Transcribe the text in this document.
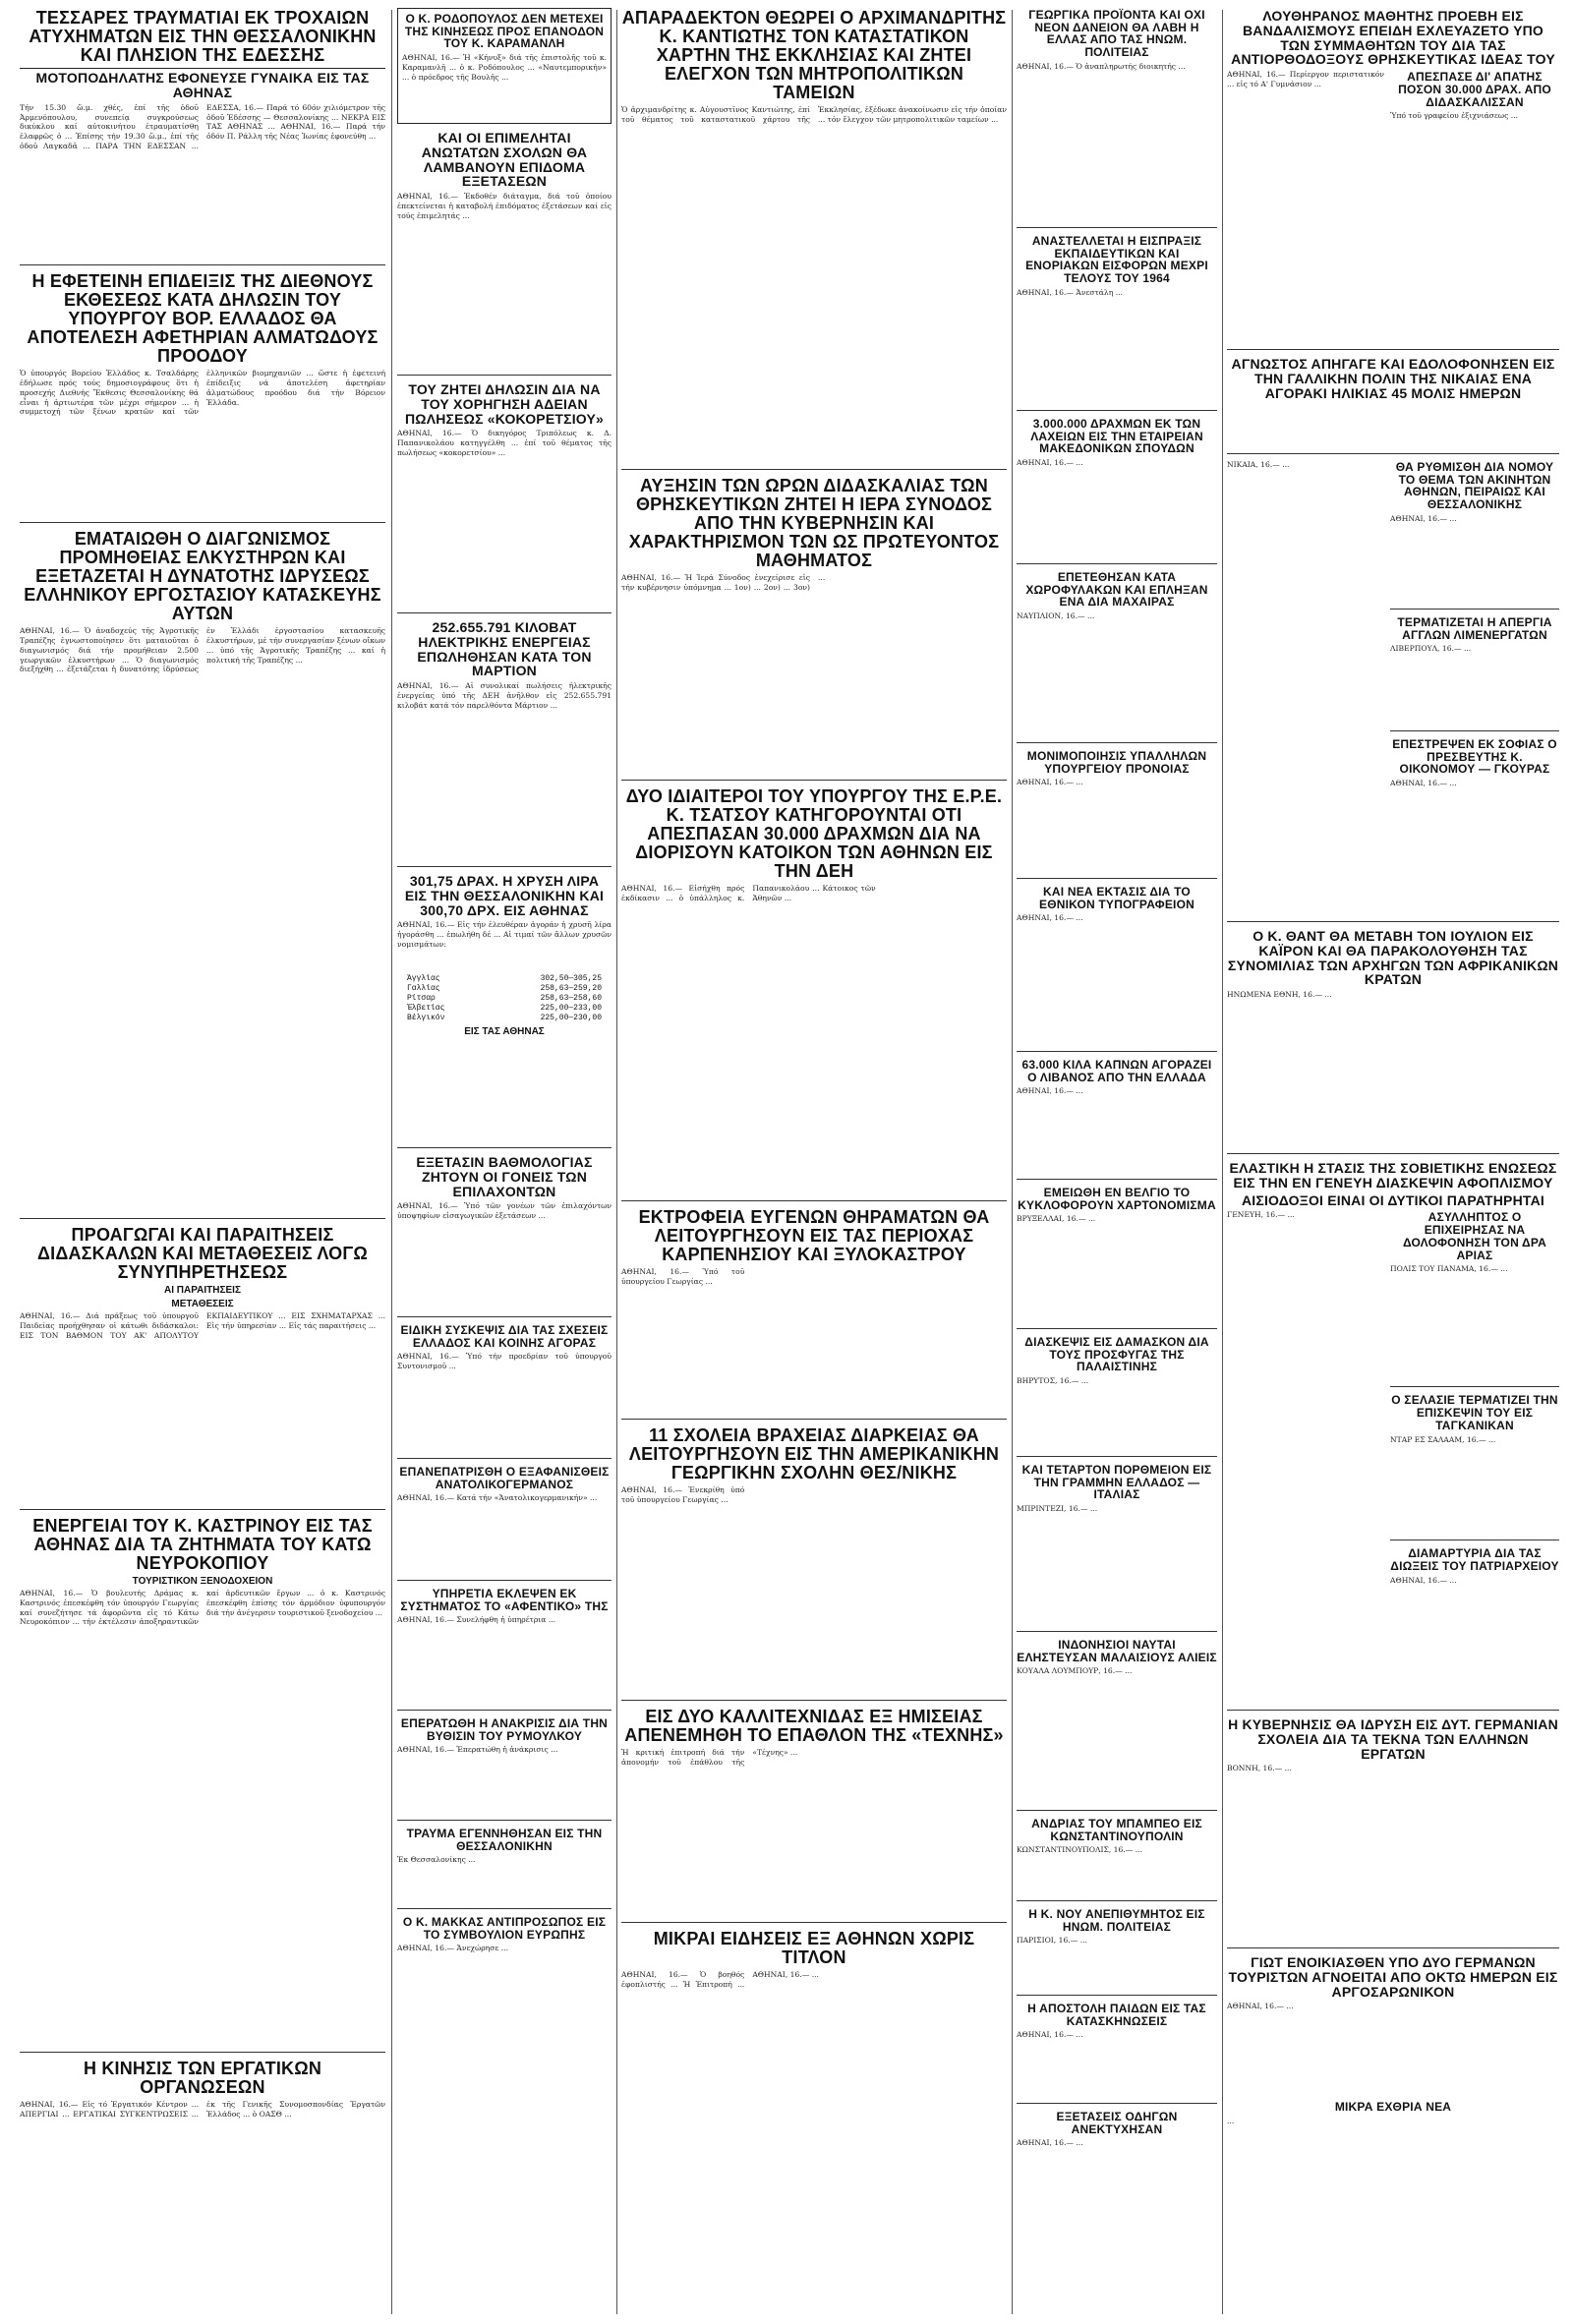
ΤΕΣΣΑΡΕΣ ΤΡΑΥΜΑΤΙΑΙ ΕΚ ΤΡΟΧΑΙΩΝ ΑΤΥΧΗΜΑΤΩΝ ΕΙΣ ΤΗΝ ΘΕΣΣΑΛΟΝΙΚΗΝ ΚΑΙ ΠΛΗΣΙΟΝ ΤΗΣ ΕΔΕΣΣΗΣ
ΜΟΤΟΠΟΔΗΛΑΤΗΣ ΕΦΟΝΕΥΣΕ ΓΥΝΑΙΚΑ ΕΙΣ ΤΑΣ ΑΘΗΝΑΣ
Τήν 15.30 ὥ.μ. χθές, ἐπί τῆς ὁδοῦ Ἀρμενόπουλου, συνεπείᾳ συγκρούσεως δικύκλου καί αὐτοκινήτου ἐτραυματίσθη ἐλαφρῶς ὁ ... Ἐπίσης τήν 19.30 ὥ.μ., ἐπί τῆς ὁδοῦ Λαγκαδᾶ ... ΠΑΡΑ ΤΗΝ ΕΔΕΣΣΑΝ ... ΕΔΕΣΣΑ, 16.— Παρά τό 60όν χιλιόμετρον τῆς ὁδοῦ Ἐδέσσης — Θεσσαλονίκης ... ΝΕΚΡΑ ΕΙΣ ΤΑΣ ΑΘΗΝΑΣ ... ΑΘΗΝΑΙ, 16.— Παρά τήν ὁδόν Π. Ράλλη τῆς Νέας Ἰωνίας ἐφονεύθη ...
Η ΕΦΕΤΕΙΝΗ ΕΠΙΔΕΙΞΙΣ ΤΗΣ ΔΙΕΘΝΟΥΣ ΕΚΘΕΣΕΩΣ ΚΑΤΑ ΔΗΛΩΣΙΝ ΤΟΥ ΥΠΟΥΡΓΟΥ ΒΟΡ. ΕΛΛΑΔΟΣ ΘΑ ΑΠΟΤΕΛΕΣΗ ΑΦΕΤΗΡΙΑΝ ΑΛΜΑΤΩΔΟΥΣ ΠΡΟΟΔΟΥ
Ὁ ὑπουργός Βορείου Ἑλλάδος κ. Τσαλδάρης ἐδήλωσε πρός τούς δημοσιογράφους ὅτι ἡ προσεχής Διεθνής Ἔκθεσις Θεσσαλονίκης θά εἶναι ἡ ἀρτιωτέρα τῶν μέχρι σήμερον ... ἡ συμμετοχή τῶν ξένων κρατῶν καί τῶν ἑλληνικῶν βιομηχανιῶν ... ὥστε ἡ ἐφετεινή ἐπίδειξις νά ἀποτελέση ἀφετηρίαν ἀλματώδους προόδου διά τήν Βόρειον Ἑλλάδα.
ΕΜΑΤΑΙΩΘΗ Ο ΔΙΑΓΩΝΙΣΜΟΣ ΠΡΟΜΗΘΕΙΑΣ ΕΛΚΥΣΤΗΡΩΝ ΚΑΙ ΕΞΕΤΑΖΕΤΑΙ Η ΔΥΝΑΤΟΤΗΣ ΙΔΡΥΣΕΩΣ ΕΛΛΗΝΙΚΟΥ ΕΡΓΟΣΤΑΣΙΟΥ ΚΑΤΑΣΚΕΥΗΣ ΑΥΤΩΝ
ΑΘΗΝΑΙ, 16.— Ὁ ἀναδοχεύς τῆς Ἀγροτικῆς Τραπέζης ἐγνωστοποίησεν ὅτι ματαιοῦται ὁ διαγωνισμός διά τήν προμήθειαν 2.500 γεωργικῶν ἐλκυστήρων ... Ὁ διαγωνισμός διεξήχθη ... ἐξετάζεται ἡ δυνατότης ἱδρύσεως ἐν Ἑλλάδι ἐργοστασίου κατασκευῆς ἐλκυστήρων, μέ τήν συνεργασίαν ξένων οἴκων ... ὑπό τῆς Ἀγροτικῆς Τραπέζης ... καί ἡ πολιτική τῆς Τραπέζης ...
ΠΡΟΑΓΩΓΑΙ ΚΑΙ ΠΑΡΑΙΤΗΣΕΙΣ ΔΙΔΑΣΚΑΛΩΝ ΚΑΙ ΜΕΤΑΘΕΣΕΙΣ ΛΟΓΩ ΣΥΝΥΠΗΡΕΤΗΣΕΩΣ
ΑΙ ΠΑΡΑΙΤΗΣΕΙΣ
ΜΕΤΑΘΕΣΕΙΣ
ΑΘΗΝΑΙ, 16.— Διά πράξεως τοῦ ὑπουργοῦ Παιδείας προήχθησαν οἱ κάτωθι διδάσκαλοι: ΕΙΣ ΤΟΝ ΒΑΘΜΟΝ ΤΟΥ ΑΚ' ΑΠΟΛΥΤΟΥ ΕΚΠΑΙΔΕΥΤΙΚΟΥ ... ΕΙΣ ΣΧΗΜΑΤΑΡΧΑΣ ... Εἰς τήν ὑπηρεσίαν ... Εἰς τάς παραιτήσεις ...
ΕΝΕΡΓΕΙΑΙ ΤΟΥ Κ. ΚΑΣΤΡΙΝΟΥ ΕΙΣ ΤΑΣ ΑΘΗΝΑΣ ΔΙΑ ΤΑ ΖΗΤΗΜΑΤΑ ΤΟΥ ΚΑΤΩ ΝΕΥΡΟΚΟΠΙΟΥ
ΤΟΥΡΙΣΤΙΚΟΝ ΞΕΝΟΔΟΧΕΙΟΝ
ΑΘΗΝΑΙ, 16.— Ὁ βουλευτής Δράμας κ. Καστρινός ἐπεσκέφθη τόν ὑπουργόν Γεωργίας καί συνεζήτησε τά ἀφορῶντα εἰς τό Κάτω Νευροκόπιον ... τήν ἐκτέλεσιν ἀποξηραντικῶν καί ἀρδευτικῶν ἔργων ... ὁ κ. Καστρινός ἐπεσκέφθη ἐπίσης τόν ἀρμόδιον ὑφυπουργόν διά τήν ἀνέγερσιν τουριστικοῦ ξενοδοχείου ...
Η ΚΙΝΗΣΙΣ ΤΩΝ ΕΡΓΑΤΙΚΩΝ ΟΡΓΑΝΩΣΕΩΝ
ΑΘΗΝΑΙ, 16.— Εἰς τό Ἐργατικόν Κέντρον ... ΑΠΕΡΓΙΑΙ ... ΕΡΓΑΤΙΚΑΙ ΣΥΓΚΕΝΤΡΩΣΕΙΣ ... ἐκ τῆς Γενικῆς Συνομοσπονδίας Ἐργατῶν Ἑλλάδος ... ὁ ΟΑΣΘ ...
Ο Κ. ΡΟΔΟΠΟΥΛΟΣ ΔΕΝ ΜΕΤΕΧΕΙ ΤΗΣ ΚΙΝΗΣΕΩΣ ΠΡΟΣ ΕΠΑΝΟΔΟΝ ΤΟΥ Κ. ΚΑΡΑΜΑΝΛΗ
ΑΘΗΝΑΙ, 16.— Ἡ «Κήνυξ» διά τῆς ἐπιστολῆς τοῦ κ. Καραμανλῆ ... ὁ κ. Ροδόπουλος ... «Ναυτεμπορικήν» ... ὁ πρόεδρος τῆς Βουλῆς ...
ΚΑΙ ΟΙ ΕΠΙΜΕΛΗΤΑΙ ΑΝΩΤΑΤΩΝ ΣΧΟΛΩΝ ΘΑ ΛΑΜΒΑΝΟΥΝ ΕΠΙΔΟΜΑ ΕΞΕΤΑΣΕΩΝ
ΑΘΗΝΑΙ, 16.— Ἐκδοθέν διάταγμα, διά τοῦ ὁποίου ἐπεκτείνεται ἡ καταβολή ἐπιδόματος ἐξετάσεων καί εἰς τούς ἐπιμελητάς ...
ΤΟΥ ΖΗΤΕΙ ΔΗΛΩΣΙΝ ΔΙΑ ΝΑ ΤΟΥ ΧΟΡΗΓΗΣΗ ΑΔΕΙΑΝ ΠΩΛΗΣΕΩΣ «ΚΟΚΟΡΕΤΣΙΟΥ»
ΑΘΗΝΑΙ, 16.— Ὁ δικηγόρος Τριπόλεως κ. Δ. Παπανικολάου κατηγγέλθη ... ἐπί τοῦ θέματος τῆς πωλήσεως «κοκορετσίου» ...
252.655.791 ΚΙΛΟΒΑΤ ΗΛΕΚΤΡΙΚΗΣ ΕΝΕΡΓΕΙΑΣ ΕΠΩΛΗΘΗΣΑΝ ΚΑΤΑ ΤΟΝ ΜΑΡΤΙΟΝ
ΑΘΗΝΑΙ, 16.— Αἱ συνολικαί πωλήσεις ἠλεκτρικῆς ἐνεργείας ὑπό τῆς ΔΕΗ ἀνῆλθον εἰς 252.655.791 κιλοβάτ κατά τόν παρελθόντα Μάρτιον ...
301,75 ΔΡΑΧ. Η ΧΡΥΣΗ ΛΙΡΑ ΕΙΣ ΤΗΝ ΘΕΣΣΑΛΟΝΙΚΗΝ ΚΑΙ 300,70 ΔΡΧ. ΕΙΣ ΑΘΗΝΑΣ
ΑΘΗΝΑΙ, 16.— Εἰς τήν ἐλευθέραν ἀγοράν ἡ χρυσῆ λίρα ἠγοράσθη ... ἐπωλήθη δέ ... Αἱ τιμαί τῶν ἄλλων χρυσῶν νομισμάτων:
Ἀγγλίας	302,50—305,25
Γαλλίας	258,63—259,20
Ρίτσαρ	258,63—258,60
Ἑλβετίας	225,00—233,00
Βέλγικόν	225,00—230,00
ΕΙΣ ΤΑΣ ΑΘΗΝΑΣ
ΕΞΕΤΑΣΙΝ ΒΑΘΜΟΛΟΓΙΑΣ ΖΗΤΟΥΝ ΟΙ ΓΟΝΕΙΣ ΤΩΝ ΕΠΙΛΑΧΟΝΤΩΝ
ΑΘΗΝΑΙ, 16.— Ὑπό τῶν γονέων τῶν ἐπιλαχόντων ὑποψηφίων εἰσαγωγικῶν ἐξετάσεων ...
ΕΙΔΙΚΗ ΣΥΣΚΕΨΙΣ ΔΙΑ ΤΑΣ ΣΧΕΣΕΙΣ ΕΛΛΑΔΟΣ ΚΑΙ ΚΟΙΝΗΣ ΑΓΟΡΑΣ
ΑΘΗΝΑΙ, 16.— Ὑπό τήν προεδρίαν τοῦ ὑπουργοῦ Συντονισμοῦ ...
ΕΠΑΝΕΠΑΤΡΙΣΘΗ Ο ΕΞΑΦΑΝΙΣΘΕΙΣ ΑΝΑΤΟΛΙΚΟΓΕΡΜΑΝΟΣ
ΑΘΗΝΑΙ, 16.— Κατά τήν «Ἀνατολικογερμανικήν» ...
ΥΠΗΡΕΤΙΑ ΕΚΛΕΨΕΝ ΕΚ ΣΥΣΤΗΜΑΤΟΣ ΤΟ «ΑΦΕΝΤΙΚΟ» ΤΗΣ
ΑΘΗΝΑΙ, 16.— Συνελήφθη ἡ ὑπηρέτρια ...
ΕΠΕΡΑΤΩΘΗ Η ΑΝΑΚΡΙΣΙΣ ΔΙΑ ΤΗΝ ΒΥΘΙΣΙΝ ΤΟΥ ΡΥΜΟΥΛΚΟΥ
ΑΘΗΝΑΙ, 16.— Ἐπερατώθη ἡ ἀνάκρισις ...
ΤΡΑΥΜΑ ΕΓΕΝΝΗΘΗΣΑΝ ΕΙΣ ΤΗΝ ΘΕΣΣΑΛΟΝΙΚΗΝ
Ἐκ Θεσσαλονίκης ...
Ο Κ. ΜΑΚΚΑΣ ΑΝΤΙΠΡΟΣΩΠΟΣ ΕΙΣ ΤΟ ΣΥΜΒΟΥΛΙΟΝ ΕΥΡΩΠΗΣ
ΑΘΗΝΑΙ, 16.— Ἀνεχώρησε ...
ΑΠΑΡΑΔΕΚΤΟΝ ΘΕΩΡΕΙ Ο ΑΡΧΙΜΑΝΔΡΙΤΗΣ Κ. ΚΑΝΤΙΩΤΗΣ ΤΟΝ ΚΑΤΑΣΤΑΤΙΚΟΝ ΧΑΡΤΗΝ ΤΗΣ ΕΚΚΛΗΣΙΑΣ ΚΑΙ ΖΗΤΕΙ ΕΛΕΓΧΟΝ ΤΩΝ ΜΗΤΡΟΠΟΛΙΤΙΚΩΝ ΤΑΜΕΙΩΝ
Ὁ ἀρχιμανδρίτης κ. Αὐγουστῖνος Καντιώτης, ἐπί τοῦ θέματος τοῦ καταστατικοῦ χάρτου τῆς Ἐκκλησίας, ἐξέδωκε ἀνακοίνωσιν εἰς τήν ὁποίαν ... τόν ἔλεγχον τῶν μητροπολιτικῶν ταμείων ...
ΑΥΞΗΣΙΝ ΤΩΝ ΩΡΩΝ ΔΙΔΑΣΚΑΛΙΑΣ ΤΩΝ ΘΡΗΣΚΕΥΤΙΚΩΝ ΖΗΤΕΙ Η ΙΕΡΑ ΣΥΝΟΔΟΣ ΑΠΟ ΤΗΝ ΚΥΒΕΡΝΗΣΙΝ ΚΑΙ ΧΑΡΑΚΤΗΡΙΣΜΟΝ ΤΩΝ ΩΣ ΠΡΩΤΕΥΟΝΤΟΣ ΜΑΘΗΜΑΤΟΣ
ΑΘΗΝΑΙ, 16.— Ἡ Ἱερά Σύνοδος ἐνεχείρισε εἰς τήν κυβέρνησιν ὑπόμνημα ... 1ον) ... 2ον) ... 3ον) ...
ΔΥΟ ΙΔΙΑΙΤΕΡΟΙ ΤΟΥ ΥΠΟΥΡΓΟΥ ΤΗΣ Ε.Ρ.Ε. Κ. ΤΣΑΤΣΟΥ ΚΑΤΗΓΟΡΟΥΝΤΑΙ ΟΤΙ ΑΠΕΣΠΑΣΑΝ 30.000 ΔΡΑΧΜΩΝ ΔΙΑ ΝΑ ΔΙΟΡΙΣΟΥΝ ΚΑΤΟΙΚΟΝ ΤΩΝ ΑΘΗΝΩΝ ΕΙΣ ΤΗΝ ΔΕΗ
ΑΘΗΝΑΙ, 16.— Εἰσήχθη πρός ἐκδίκασιν ... ὁ ὑπάλληλος κ. Παπανικολάου ... Κάτοικος τῶν Ἀθηνῶν ...
ΕΚΤΡΟΦΕΙΑ ΕΥΓΕΝΩΝ ΘΗΡΑΜΑΤΩΝ ΘΑ ΛΕΙΤΟΥΡΓΗΣΟΥΝ ΕΙΣ ΤΑΣ ΠΕΡΙΟΧΑΣ ΚΑΡΠΕΝΗΣΙΟΥ ΚΑΙ ΞΥΛΟΚΑΣΤΡΟΥ
ΑΘΗΝΑΙ, 16.— Ὑπό τοῦ ὑπουργείου Γεωργίας ...
11 ΣΧΟΛΕΙΑ ΒΡΑΧΕΙΑΣ ΔΙΑΡΚΕΙΑΣ ΘΑ ΛΕΙΤΟΥΡΓΗΣΟΥΝ ΕΙΣ ΤΗΝ ΑΜΕΡΙΚΑΝΙΚΗΝ ΓΕΩΡΓΙΚΗΝ ΣΧΟΛΗΝ ΘΕΣ/ΝΙΚΗΣ
ΑΘΗΝΑΙ, 16.— Ἐνεκρίθη ὑπό τοῦ ὑπουργείου Γεωργίας ...
ΕΙΣ ΔΥΟ ΚΑΛΛΙΤΕΧΝΙΔΑΣ ΕΞ ΗΜΙΣΕΙΑΣ ΑΠΕΝΕΜΗΘΗ ΤΟ ΕΠΑΘΛΟΝ ΤΗΣ «ΤΕΧΝΗΣ»
Ἡ κριτική ἐπιτροπή διά τήν ἀπονομήν τοῦ ἐπάθλου τῆς «Τέχνης» ...
ΜΙΚΡΑΙ ΕΙΔΗΣΕΙΣ ΕΞ ΑΘΗΝΩΝ ΧΩΡΙΣ ΤΙΤΛΟΝ
ΑΘΗΝΑΙ, 16.— Ὁ βοηθός ἐφοπλιστής ... Ἡ Ἐπιτροπή ... ΑΘΗΝΑΙ, 16.— ...
ΓΕΩΡΓΙΚΑ ΠΡΟΪΟΝΤΑ ΚΑΙ ΟΧΙ ΝΕΟΝ ΔΑΝΕΙΟΝ ΘΑ ΛΑΒΗ Η ΕΛΛΑΣ ΑΠΟ ΤΑΣ ΗΝΩΜ. ΠΟΛΙΤΕΙΑΣ
ΑΘΗΝΑΙ, 16.— Ὁ ἀναπληρωτής διοικητής ...
ΑΝΑΣΤΕΛΛΕΤΑΙ Η ΕΙΣΠΡΑΞΙΣ ΕΚΠΑΙΔΕΥΤΙΚΩΝ ΚΑΙ ΕΝΟΡΙΑΚΩΝ ΕΙΣΦΟΡΩΝ ΜΕΧΡΙ ΤΕΛΟΥΣ ΤΟΥ 1964
ΑΘΗΝΑΙ, 16.— Ἀνεστάλη ...
3.000.000 ΔΡΑΧΜΩΝ ΕΚ ΤΩΝ ΛΑΧΕΙΩΝ ΕΙΣ ΤΗΝ ΕΤΑΙΡΕΙΑΝ ΜΑΚΕΔΟΝΙΚΩΝ ΣΠΟΥΔΩΝ
ΑΘΗΝΑΙ, 16.— ...
ΕΠΕΤΕΘΗΣΑΝ ΚΑΤΑ ΧΩΡΟΦΥΛΑΚΩΝ ΚΑΙ ΕΠΛΗΞΑΝ ΕΝΑ ΔΙΑ ΜΑΧΑΙΡΑΣ
ΝΑΥΠΛΙΟΝ, 16.— ...
ΜΟΝΙΜΟΠΟΙΗΣΙΣ ΥΠΑΛΛΗΛΩΝ ΥΠΟΥΡΓΕΙΟΥ ΠΡΟΝΟΙΑΣ
ΑΘΗΝΑΙ, 16.— ...
ΚΑΙ ΝΕΑ ΕΚΤΑΣΙΣ ΔΙΑ ΤΟ ΕΘΝΙΚΟΝ ΤΥΠΟΓΡΑΦΕΙΟΝ
ΑΘΗΝΑΙ, 16.— ...
63.000 ΚΙΛΑ ΚΑΠΝΩΝ ΑΓΟΡΑΖΕΙ Ο ΛΙΒΑΝΟΣ ΑΠΟ ΤΗΝ ΕΛΛΑΔΑ
ΑΘΗΝΑΙ, 16.— ...
ΕΜΕΙΩΘΗ ΕΝ ΒΕΛΓΙΟ ΤΟ ΚΥΚΛΟΦΟΡΟΥΝ ΧΑΡΤΟΝΟΜΙΣΜΑ
ΒΡΥΞΕΛΛΑΙ, 16.— ...
ΔΙΑΣΚΕΨΙΣ ΕΙΣ ΔΑΜΑΣΚΟΝ ΔΙΑ ΤΟΥΣ ΠΡΟΣΦΥΓΑΣ ΤΗΣ ΠΑΛΑΙΣΤΙΝΗΣ
ΒΗΡΥΤΟΣ, 16.— ...
ΚΑΙ ΤΕΤΑΡΤΟΝ ΠΟΡΘΜΕΙΟΝ ΕΙΣ ΤΗΝ ΓΡΑΜΜΗΝ ΕΛΛΑΔΟΣ — ΙΤΑΛΙΑΣ
ΜΠΡΙΝΤΕΖΙ, 16.— ...
ΙΝΔΟΝΗΣΙΟΙ ΝΑΥΤΑΙ ΕΛΗΣΤΕΥΣΑΝ ΜΑΛΑΙΣΙΟΥΣ ΑΛΙΕΙΣ
ΚΟΥΑΛΑ ΛΟΥΜΠΟΥΡ, 16.— ...
ΑΝΔΡΙΑΣ ΤΟΥ ΜΠΑΜΠΕΟ ΕΙΣ ΚΩΝΣΤΑΝΤΙΝΟΥΠΟΛΙΝ
ΚΩΝΣΤΑΝΤΙΝΟΥΠΟΛΙΣ, 16.— ...
Η Κ. ΝΟΥ ΑΝΕΠΙΘΥΜΗΤΟΣ ΕΙΣ ΗΝΩΜ. ΠΟΛΙΤΕΙΑΣ
ΠΑΡΙΣΙΟΙ, 16.— ...
Η ΑΠΟΣΤΟΛΗ ΠΑΙΔΩΝ ΕΙΣ ΤΑΣ ΚΑΤΑΣΚΗΝΩΣΕΙΣ
ΑΘΗΝΑΙ, 16.— ...
ΕΞΕΤΑΣΕΙΣ ΟΔΗΓΩΝ ΑΝΕΚΤΥΧΗΣΑΝ
ΑΘΗΝΑΙ, 16.— ...
ΛΟΥΘΗΡΑΝΟΣ ΜΑΘΗΤΗΣ ΠΡΟΕΒΗ ΕΙΣ ΒΑΝΔΑΛΙΣΜΟΥΣ ΕΠΕΙΔΗ ΕΧΛΕΥΑΖΕΤΟ ΥΠΟ ΤΩΝ ΣΥΜΜΑΘΗΤΩΝ ΤΟΥ ΔΙΑ ΤΑΣ ΑΝΤΙΟΡΘΟΔΟΞΟΥΣ ΘΡΗΣΚΕΥΤΙΚΑΣ ΙΔΕΑΣ ΤΟΥ
ΑΘΗΝΑΙ, 16.— Περίεργον περιστατικόν ... εἰς τό Α' Γυμνάσιον ...
ΑΠΕΣΠΑΣΕ ΔΙ' ΑΠΑΤΗΣ ΠΟΣΟΝ 30.000 ΔΡΑΧ. ΑΠΟ ΔΙΔΑΣΚΑΛΙΣΣΑΝ
Ὑπό τοῦ γραφείου ἐξιχνιάσεως ...
ΑΓΝΩΣΤΟΣ ΑΠΗΓΑΓΕ ΚΑΙ ΕΔΟΛΟΦΟΝΗΣΕΝ ΕΙΣ ΤΗΝ ΓΑΛΛΙΚΗΝ ΠΟΛΙΝ ΤΗΣ ΝΙΚΑΙΑΣ ΕΝΑ ΑΓΟΡΑΚΙ ΗΛΙΚΙΑΣ 45 ΜΟΛΙΣ ΗΜΕΡΩΝ
ΝΙΚΑΙΑ, 16.— ...	ΘΑ ΡΥΘΜΙΣΘΗ ΔΙΑ ΝΟΜΟΥ ΤΟ ΘΕΜΑ ΤΩΝ ΑΚΙΝΗΤΩΝ ΑΘΗΝΩΝ, ΠΕΙΡΑΙΩΣ ΚΑΙ ΘΕΣΣΑΛΟΝΙΚΗΣ
ΑΘΗΝΑΙ, 16.— ...
ΤΕΡΜΑΤΙΖΕΤΑΙ Η ΑΠΕΡΓΙΑ ΑΓΓΛΩΝ ΛΙΜΕΝΕΡΓΑΤΩΝ
ΛΙΒΕΡΠΟΥΛ, 16.— ...
ΕΠΕΣΤΡΕΨΕΝ ΕΚ ΣΟΦΙΑΣ Ο ΠΡΕΣΒΕΥΤΗΣ Κ. ΟΙΚΟΝΟΜΟΥ — ΓΚΟΥΡΑΣ
ΑΘΗΝΑΙ, 16.— ...
Ο Κ. ΘΑΝΤ ΘΑ ΜΕΤΑΒΗ ΤΟΝ ΙΟΥΛΙΟΝ ΕΙΣ ΚΑΪΡΟΝ ΚΑΙ ΘΑ ΠΑΡΑΚΟΛΟΥΘΗΣΗ ΤΑΣ ΣΥΝΟΜΙΛΙΑΣ ΤΩΝ ΑΡΧΗΓΩΝ ΤΩΝ ΑΦΡΙΚΑΝΙΚΩΝ ΚΡΑΤΩΝ
ΗΝΩΜΕΝΑ ΕΘΝΗ, 16.— ...
ΕΛΑΣΤΙΚΗ Η ΣΤΑΣΙΣ ΤΗΣ ΣΟΒΙΕΤΙΚΗΣ ΕΝΩΣΕΩΣ ΕΙΣ ΤΗΝ ΕΝ ΓΕΝΕΥΗ ΔΙΑΣΚΕΨΙΝ ΑΦΟΠΛΙΣΜΟΥ
ΑΙΣΙΟΔΟΞΟΙ ΕΙΝΑΙ ΟΙ ΔΥΤΙΚΟΙ ΠΑΡΑΤΗΡΗΤΑΙ
ΓΕΝΕΥΗ, 16.— ...	ΑΣΥΛΛΗΠΤΟΣ Ο ΕΠΙΧΕΙΡΗΣΑΣ ΝΑ ΔΟΛΟΦΟΝΗΣΗ ΤΟΝ ΔΡΑ ΑΡΙΑΣ
ΠΟΛΙΣ ΤΟΥ ΠΑΝΑΜΑ, 16.— ...
Ο ΣΕΛΑΣΙΕ ΤΕΡΜΑΤΙΖΕΙ ΤΗΝ ΕΠΙΣΚΕΨΙΝ ΤΟΥ ΕΙΣ ΤΑΓΚΑΝΙΚΑΝ
ΝΤΑΡ ΕΣ ΣΑΛΑΑΜ, 16.— ...
ΔΙΑΜΑΡΤΥΡΙΑ ΔΙΑ ΤΑΣ ΔΙΩΞΕΙΣ ΤΟΥ ΠΑΤΡΙΑΡΧΕΙΟΥ
ΑΘΗΝΑΙ, 16.— ...
Η ΚΥΒΕΡΝΗΣΙΣ ΘΑ ΙΔΡΥΣΗ ΕΙΣ ΔΥΤ. ΓΕΡΜΑΝΙΑΝ ΣΧΟΛΕΙΑ ΔΙΑ ΤΑ ΤΕΚΝΑ ΤΩΝ ΕΛΛΗΝΩΝ ΕΡΓΑΤΩΝ
ΒΟΝΝΗ, 16.— ...
ΓΙΩΤ ΕΝΟΙΚΙΑΣΘΕΝ ΥΠΟ ΔΥΟ ΓΕΡΜΑΝΩΝ ΤΟΥΡΙΣΤΩΝ ΑΓΝΟΕΙΤΑΙ ΑΠΟ ΟΚΤΩ ΗΜΕΡΩΝ ΕΙΣ ΑΡΓΟΣΑΡΩΝΙΚΟΝ
ΑΘΗΝΑΙ, 16.— ...
ΜΙΚΡΑ ΕΧΘΡΙΑ ΝΕΑ
...
